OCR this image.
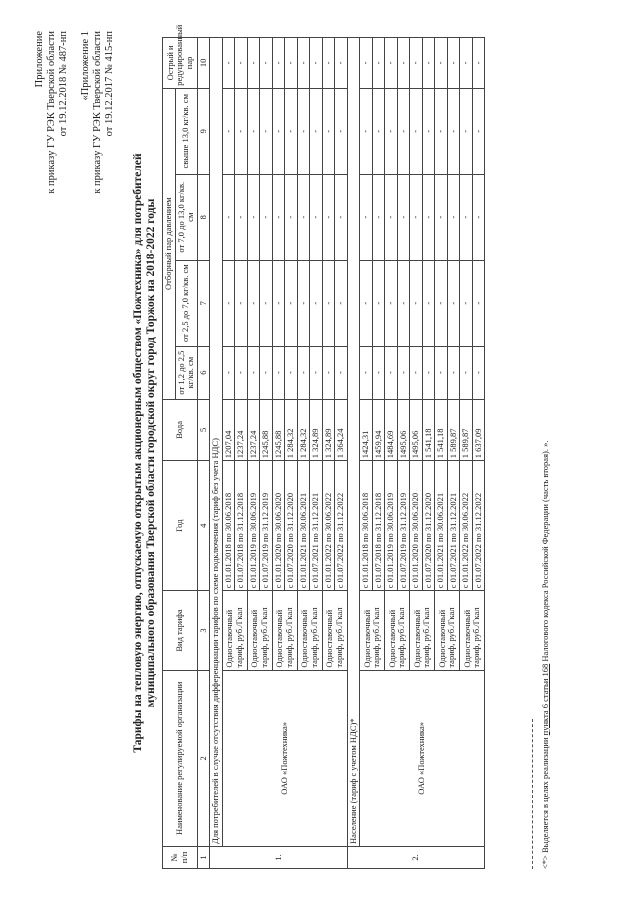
Приложение к приказу ГУ РЭК Тверской области от 19.12.2018 № 487-нп «Приложение 1 к приказу ГУ РЭК Тверской области от 19.12.2017 № 415-нп
Тарифы на тепловую энергию, отпускаемую открытым акционерным обществом «Пожтехника» для потребителей муниципального образования Тверской области городской округ город Торжок на 2018-2022 годы
№ п/п	Наименование регулируемой организации	Вид тарифа	Год	Вода	Отборный пар давлением				Острый и редуцированный пар
					от 1,2 до 2,5 кг/кв. см	от 2,5 до 7,0 кг/кв. см	от 7,0 до 13,0 кг/кв. см	свыше 13,0 кг/кв. см	
1	2	3	4	5	6	7	8	9	10
1.	Для потребителей в случае отсутствия дифференциации тарифов по схеме подключения (тариф без учета НДС)								
	ОАО «Пожтехника»	Одноставочный тариф, руб./Гкал	с 01.01.2018 по 30.06.2018	1207,04	-	-	-	-	-
			с 01.07.2018 по 31.12.2018	1237,24	-	-	-	-	-
		Одноставочный тариф, руб./Гкал	с 01.01.2019 по 30.06.2019	1237,24	-	-	-	-	-
			с 01.07.2019 по 31.12.2019	1245,88	-	-	-	-	-
		Одноставочный тариф, руб./Гкал	с 01.01.2020 по 30.06.2020	1245,88	-	-	-	-	-
			с 01.07.2020 по 31.12.2020	1 284,32	-	-	-	-	-
		Одноставочный тариф, руб./Гкал	с 01.01.2021 по 30.06.2021	1 284,32	-	-	-	-	-
			с 01.07.2021 по 31.12.2021	1 324,89	-	-	-	-	-
		Одноставочный тариф, руб./Гкал	с 01.01.2022 по 30.06.2022	1 324,89	-	-	-	-	-
			с 01.07.2022 по 31.12.2022	1 364,24	-	-	-	-	-
2.	Население (тариф с учетом НДС)*								
	ОАО «Пожтехника»	Одноставочный тариф, руб./Гкал	с 01.01.2018 по 30.06.2018	1424,31	-	-	-	-	-
			с 01.07.2018 по 31.12.2018	1459,94	-	-	-	-	-
		Одноставочный тариф, руб./Гкал	с 01.01.2019 по 30.06.2019	1484,69	-	-	-	-	-
			с 01.07.2019 по 31.12.2019	1495,06	-	-	-	-	-
		Одноставочный тариф, руб./Гкал	с 01.01.2020 по 30.06.2020	1495,06	-	-	-	-	-
			с 01.07.2020 по 31.12.2020	1 541,18	-	-	-	-	-
		Одноставочный тариф, руб./Гкал	с 01.01.2021 по 30.06.2021	1 541,18	-	-	-	-	-
			с 01.07.2021 по 31.12.2021	1 589,87	-	-	-	-	-
		Одноставочный тариф, руб./Гкал	с 01.01.2022 по 30.06.2022	1 589,87	-	-	-	-	-
			с 01.07.2022 по 31.12.2022	1 637,09	-	-	-	-	-
<*> Выделяется в целях реализации пункта 6 статьи 168 Налогового кодекса Российской Федерации (часть вторая). ».
